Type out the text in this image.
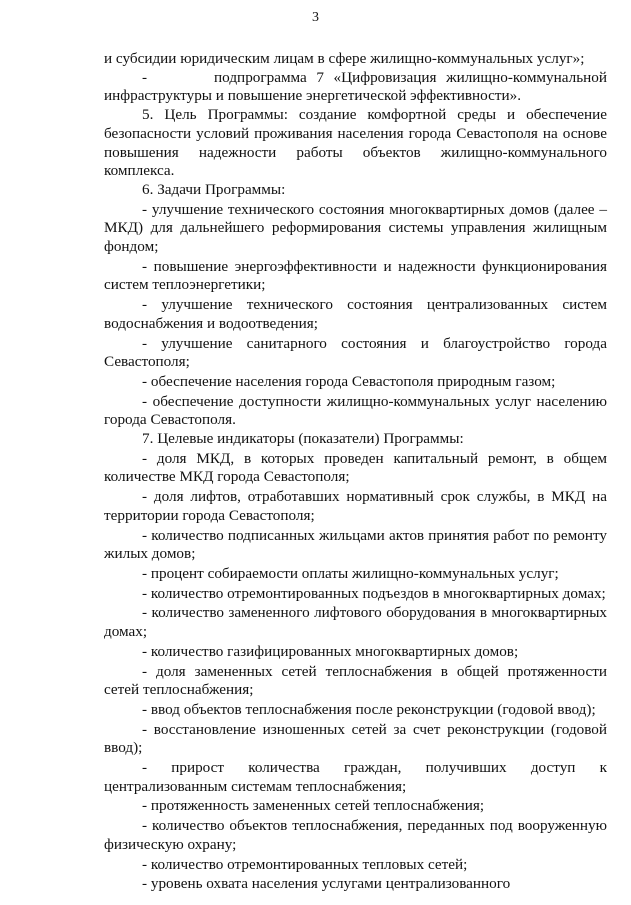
3

и субсидии юридическим лицам в сфере жилищно-коммунальных услуг»;

-       подпрограмма 7 «Цифровизация жилищно-коммунальной инфраструктуры и повышение энергетической эффективности».

5. Цель Программы: создание комфортной среды и обеспечение безопасности условий проживания населения города Севастополя на основе повышения надежности работы объектов жилищно-коммунального комплекса.

6. Задачи Программы:

- улучшение технического состояния многоквартирных домов (далее – МКД) для дальнейшего реформирования системы управления жилищным фондом;

- повышение энергоэффективности и надежности функционирования систем теплоэнергетики;

- улучшение технического состояния централизованных систем водоснабжения и водоотведения;

- улучшение санитарного состояния и благоустройство города Севастополя;

- обеспечение населения города Севастополя природным газом;

- обеспечение доступности жилищно-коммунальных услуг населению города Севастополя.

7. Целевые индикаторы (показатели) Программы:

- доля МКД, в которых проведен капитальный ремонт, в общем количестве МКД города Севастополя;

- доля лифтов, отработавших нормативный срок службы, в МКД на территории города Севастополя;

- количество подписанных жильцами актов принятия работ по ремонту жилых домов;

- процент собираемости оплаты жилищно-коммунальных услуг;

- количество отремонтированных подъездов в многоквартирных домах;

- количество замененного лифтового оборудования в многоквартирных домах;

- количество газифицированных многоквартирных домов;

- доля замененных сетей теплоснабжения в общей протяженности сетей теплоснабжения;

- ввод объектов теплоснабжения после реконструкции (годовой ввод);

- восстановление изношенных сетей за счет реконструкции (годовой ввод);

- прирост количества граждан, получивших доступ к централизованным системам теплоснабжения;

- протяженность замененных сетей теплоснабжения;

- количество объектов теплоснабжения, переданных под вооруженную физическую охрану;

- количество отремонтированных тепловых сетей;

- уровень охвата населения услугами централизованного
